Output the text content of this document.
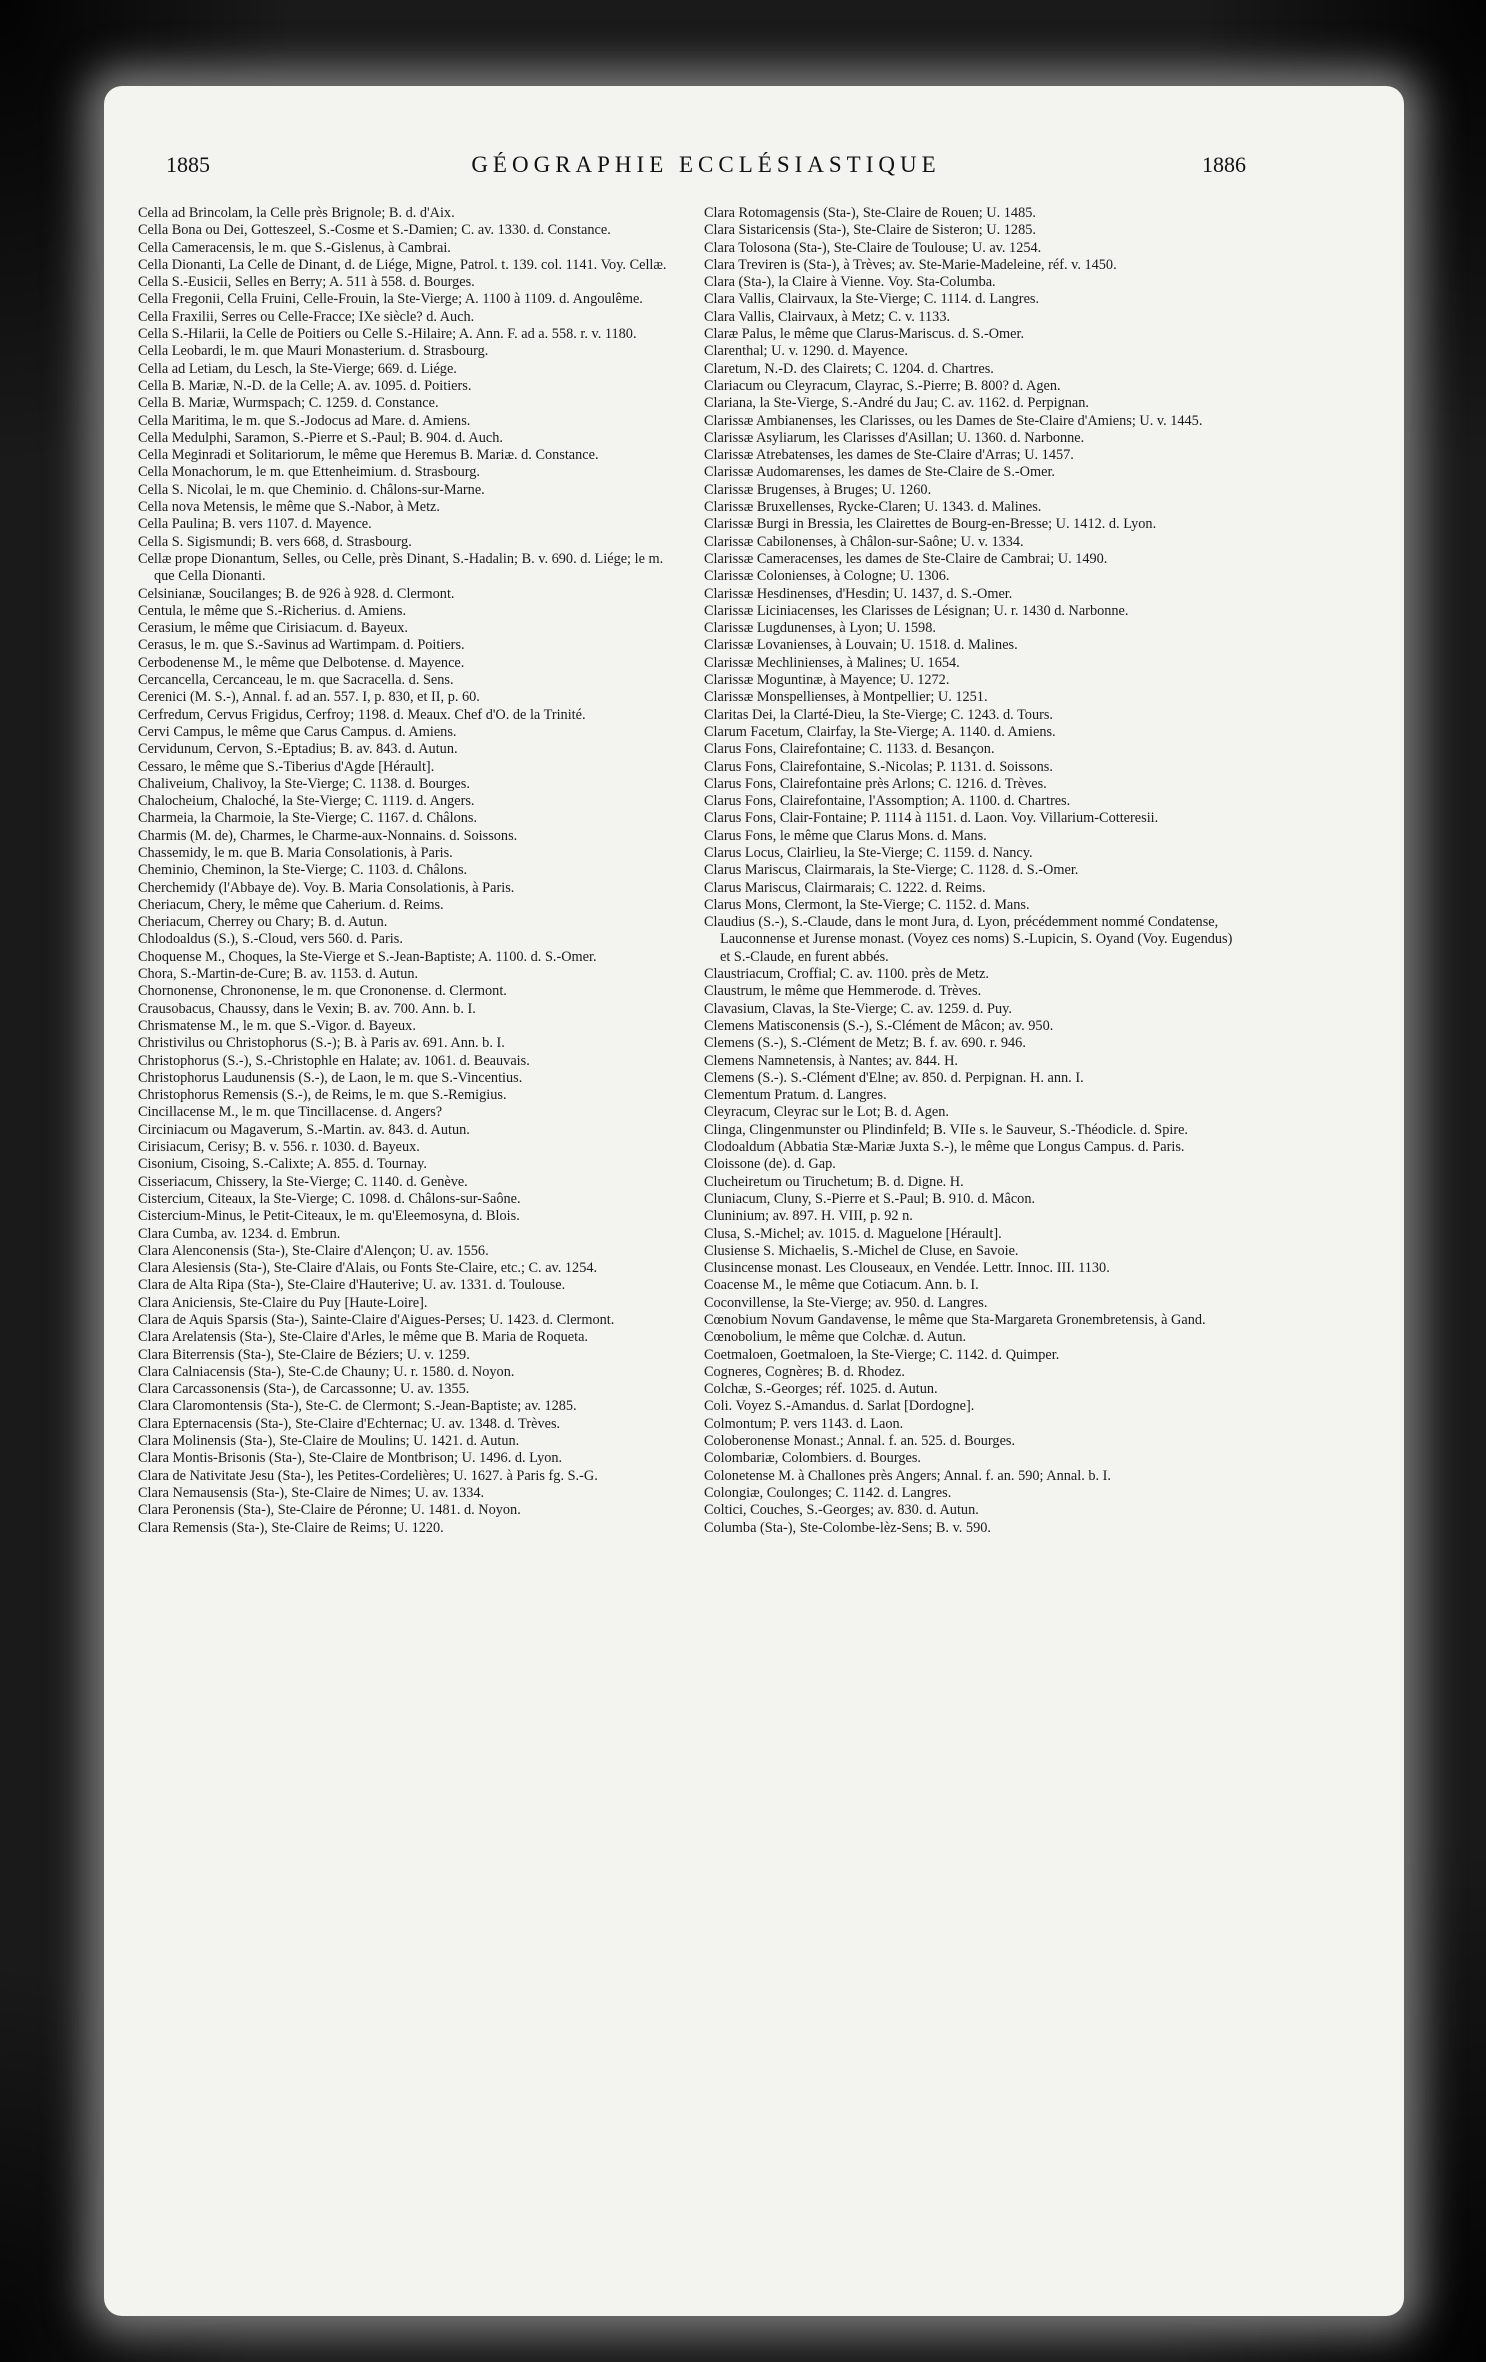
1885	GÉOGRAPHIE ECCLÉSIASTIQUE	1886

Cella ad Brincolam, la Celle près Brignole; B. d. d'Aix.

Cella Bona ou Dei, Gotteszeel, S.-Cosme et S.-Damien; C. av. 1330. d. Constance.

Cella Cameracensis, le m. que S.-Gislenus, à Cambrai.

Cella Dionanti, La Celle de Dinant, d. de Liége, Migne, Patrol. t. 139. col. 1141. Voy. Cellæ.

Cella S.-Eusicii, Selles en Berry; A. 511 à 558. d. Bourges.

Cella Fregonii, Cella Fruini, Celle-Frouin, la Ste-Vierge; A. 1100 à 1109. d. Angoulême.

Cella Fraxilii, Serres ou Celle-Fracce; IXe siècle? d. Auch.

Cella S.-Hilarii, la Celle de Poitiers ou Celle S.-Hilaire; A. Ann. F. ad a. 558. r. v. 1180.

Cella Leobardi, le m. que Mauri Monasterium. d. Strasbourg.

Cella ad Letiam, du Lesch, la Ste-Vierge; 669. d. Liége.

Cella B. Mariæ, N.-D. de la Celle; A. av. 1095. d. Poitiers.

Cella B. Mariæ, Wurmspach; C. 1259. d. Constance.

Cella Maritima, le m. que S.-Jodocus ad Mare. d. Amiens.

Cella Medulphi, Saramon, S.-Pierre et S.-Paul; B. 904. d. Auch.

Cella Meginradi et Solitariorum, le même que Heremus B. Mariæ. d. Constance.

Cella Monachorum, le m. que Ettenheimium. d. Strasbourg.

Cella S. Nicolai, le m. que Cheminio. d. Châlons-sur-Marne.

Cella nova Metensis, le même que S.-Nabor, à Metz.

Cella Paulina; B. vers 1107. d. Mayence.

Cella S. Sigismundi; B. vers 668, d. Strasbourg.

Cellæ prope Dionantum, Selles, ou Celle, près Dinant, S.-Hadalin; B. v. 690. d. Liége; le m. que Cella Dionanti.

Celsinianæ, Soucilanges; B. de 926 à 928. d. Clermont.

Centula, le même que S.-Richerius. d. Amiens.

Cerasium, le même que Cirisiacum. d. Bayeux.

Cerasus, le m. que S.-Savinus ad Wartimpam. d. Poitiers.

Cerbodenense M., le même que Delbotense. d. Mayence.

Cercancella, Cercanceau, le m. que Sacracella. d. Sens.

Cerenici (M. S.-), Annal. f. ad an. 557. I, p. 830, et II, p. 60.

Cerfredum, Cervus Frigidus, Cerfroy; 1198. d. Meaux. Chef d'O. de la Trinité.

Cervi Campus, le même que Carus Campus. d. Amiens.

Cervidunum, Cervon, S.-Eptadius; B. av. 843. d. Autun.

Cessaro, le même que S.-Tiberius d'Agde [Hérault].

Chaliveium, Chalivoy, la Ste-Vierge; C. 1138. d. Bourges.

Chalocheium, Chaloché, la Ste-Vierge; C. 1119. d. Angers.

Charmeia, la Charmoie, la Ste-Vierge; C. 1167. d. Châlons.

Charmis (M. de), Charmes, le Charme-aux-Nonnains. d. Soissons.

Chassemidy, le m. que B. Maria Consolationis, à Paris.

Cheminio, Cheminon, la Ste-Vierge; C. 1103. d. Châlons.

Cherchemidy (l'Abbaye de). Voy. B. Maria Consolationis, à Paris.

Cheriacum, Chery, le même que Caherium. d. Reims.

Cheriacum, Cherrey ou Chary; B. d. Autun.

Chlodoaldus (S.), S.-Cloud, vers 560. d. Paris.

Choquense M., Choques, la Ste-Vierge et S.-Jean-Baptiste; A. 1100. d. S.-Omer.

Chora, S.-Martin-de-Cure; B. av. 1153. d. Autun.

Chornonense, Chrononense, le m. que Crononense. d. Clermont.

Crausobacus, Chaussy, dans le Vexin; B. av. 700. Ann. b. I.

Chrismatense M., le m. que S.-Vigor. d. Bayeux.

Christivilus ou Christophorus (S.-); B. à Paris av. 691. Ann. b. I.

Christophorus (S.-), S.-Christophle en Halate; av. 1061. d. Beauvais.

Christophorus Laudunensis (S.-), de Laon, le m. que S.-Vincentius.

Christophorus Remensis (S.-), de Reims, le m. que S.-Remigius.

Cincillacense M., le m. que Tincillacense. d. Angers?

Circiniacum ou Magaverum, S.-Martin. av. 843. d. Autun.

Cirisiacum, Cerisy; B. v. 556. r. 1030. d. Bayeux.

Cisonium, Cisoing, S.-Calixte; A. 855. d. Tournay.

Cisseriacum, Chissery, la Ste-Vierge; C. 1140. d. Genève.

Cistercium, Citeaux, la Ste-Vierge; C. 1098. d. Châlons-sur-Saône.

Cistercium-Minus, le Petit-Citeaux, le m. qu'Eleemosyna, d. Blois.

Clara Cumba, av. 1234. d. Embrun.

Clara Alenconensis (Sta-), Ste-Claire d'Alençon; U. av. 1556.

Clara Alesiensis (Sta-), Ste-Claire d'Alais, ou Fonts Ste-Claire, etc.; C. av. 1254.

Clara de Alta Ripa (Sta-), Ste-Claire d'Hauterive; U. av. 1331. d. Toulouse.

Clara Aniciensis, Ste-Claire du Puy [Haute-Loire].

Clara de Aquis Sparsis (Sta-), Sainte-Claire d'Aigues-Perses; U. 1423. d. Clermont.

Clara Arelatensis (Sta-), Ste-Claire d'Arles, le même que B. Maria de Roqueta.

Clara Biterrensis (Sta-), Ste-Claire de Béziers; U. v. 1259.

Clara Calniacensis (Sta-), Ste-C.de Chauny; U. r. 1580. d. Noyon.

Clara Carcassonensis (Sta-), de Carcassonne; U. av. 1355.

Clara Claromontensis (Sta-), Ste-C. de Clermont; S.-Jean-Baptiste; av. 1285.

Clara Epternacensis (Sta-), Ste-Claire d'Echternac; U. av. 1348. d. Trèves.

Clara Molinensis (Sta-), Ste-Claire de Moulins; U. 1421. d. Autun.

Clara Montis-Brisonis (Sta-), Ste-Claire de Montbrison; U. 1496. d. Lyon.

Clara de Nativitate Jesu (Sta-), les Petites-Cordelières; U. 1627. à Paris fg. S.-G.

Clara Nemausensis (Sta-), Ste-Claire de Nimes; U. av. 1334.

Clara Peronensis (Sta-), Ste-Claire de Péronne; U. 1481. d. Noyon.

Clara Remensis (Sta-), Ste-Claire de Reims; U. 1220.

Clara Rotomagensis (Sta-), Ste-Claire de Rouen; U. 1485.

Clara Sistaricensis (Sta-), Ste-Claire de Sisteron; U. 1285.

Clara Tolosona (Sta-), Ste-Claire de Toulouse; U. av. 1254.

Clara Treviren is (Sta-), à Trèves; av. Ste-Marie-Madeleine, réf. v. 1450.

Clara (Sta-), la Claire à Vienne. Voy. Sta-Columba.

Clara Vallis, Clairvaux, la Ste-Vierge; C. 1114. d. Langres.

Clara Vallis, Clairvaux, à Metz; C. v. 1133.

Claræ Palus, le même que Clarus-Mariscus. d. S.-Omer.

Clarenthal; U. v. 1290. d. Mayence.

Claretum, N.-D. des Clairets; C. 1204. d. Chartres.

Clariacum ou Cleyracum, Clayrac, S.-Pierre; B. 800? d. Agen.

Clariana, la Ste-Vierge, S.-André du Jau; C. av. 1162. d. Perpignan.

Clarissæ Ambianenses, les Clarisses, ou les Dames de Ste-Claire d'Amiens; U. v. 1445.

Clarissæ Asyliarum, les Clarisses d'Asillan; U. 1360. d. Narbonne.

Clarissæ Atrebatenses, les dames de Ste-Claire d'Arras; U. 1457.

Clarissæ Audomarenses, les dames de Ste-Claire de S.-Omer.

Clarissæ Brugenses, à Bruges; U. 1260.

Clarissæ Bruxellenses, Rycke-Claren; U. 1343. d. Malines.

Clarissæ Burgi in Bressia, les Clairettes de Bourg-en-Bresse; U. 1412. d. Lyon.

Clarissæ Cabilonenses, à Châlon-sur-Saône; U. v. 1334.

Clarissæ Cameracenses, les dames de Ste-Claire de Cambrai; U. 1490.

Clarissæ Colonienses, à Cologne; U. 1306.

Clarissæ Hesdinenses, d'Hesdin; U. 1437, d. S.-Omer.

Clarissæ Liciniacenses, les Clarisses de Lésignan; U. r. 1430 d. Narbonne.

Clarissæ Lugdunenses, à Lyon; U. 1598.

Clarissæ Lovanienses, à Louvain; U. 1518. d. Malines.

Clarissæ Mechlinienses, à Malines; U. 1654.

Clarissæ Moguntinæ, à Mayence; U. 1272.

Clarissæ Monspellienses, à Montpellier; U. 1251.

Claritas Dei, la Clarté-Dieu, la Ste-Vierge; C. 1243. d. Tours.

Clarum Facetum, Clairfay, la Ste-Vierge; A. 1140. d. Amiens.

Clarus Fons, Clairefontaine; C. 1133. d. Besançon.

Clarus Fons, Clairefontaine, S.-Nicolas; P. 1131. d. Soissons.

Clarus Fons, Clairefontaine près Arlons; C. 1216. d. Trèves.

Clarus Fons, Clairefontaine, l'Assomption; A. 1100. d. Chartres.

Clarus Fons, Clair-Fontaine; P. 1114 à 1151. d. Laon. Voy. Villarium-Cotteresii.

Clarus Fons, le même que Clarus Mons. d. Mans.

Clarus Locus, Clairlieu, la Ste-Vierge; C. 1159. d. Nancy.

Clarus Mariscus, Clairmarais, la Ste-Vierge; C. 1128. d. S.-Omer.

Clarus Mariscus, Clairmarais; C. 1222. d. Reims.

Clarus Mons, Clermont, la Ste-Vierge; C. 1152. d. Mans.

Claudius (S.-), S.-Claude, dans le mont Jura, d. Lyon, précédemment nommé Condatense, Lauconnense et Jurense monast. (Voyez ces noms) S.-Lupicin, S. Oyand (Voy. Eugendus) et S.-Claude, en furent abbés.

Claustriacum, Croffial; C. av. 1100. près de Metz.

Claustrum, le même que Hemmerode. d. Trèves.

Clavasium, Clavas, la Ste-Vierge; C. av. 1259. d. Puy.

Clemens Matisconensis (S.-), S.-Clément de Mâcon; av. 950.

Clemens (S.-), S.-Clément de Metz; B. f. av. 690. r. 946.

Clemens Namnetensis, à Nantes; av. 844. H.

Clemens (S.-). S.-Clément d'Elne; av. 850. d. Perpignan. H. ann. I.

Clementum Pratum. d. Langres.

Cleyracum, Cleyrac sur le Lot; B. d. Agen.

Clinga, Clingenmunster ou Plindinfeld; B. VIIe s. le Sauveur, S.-Théodicle. d. Spire.

Clodoaldum (Abbatia Stæ-Mariæ Juxta S.-), le même que Longus Campus. d. Paris.

Cloissone (de). d. Gap.

Clucheiretum ou Tiruchetum; B. d. Digne. H.

Cluniacum, Cluny, S.-Pierre et S.-Paul; B. 910. d. Mâcon.

Cluninium; av. 897. H. VIII, p. 92 n.

Clusa, S.-Michel; av. 1015. d. Maguelone [Hérault].

Clusiense S. Michaelis, S.-Michel de Cluse, en Savoie.

Clusincense monast. Les Clouseaux, en Vendée. Lettr. Innoc. III. 1130.

Coacense M., le même que Cotiacum. Ann. b. I.

Coconvillense, la Ste-Vierge; av. 950. d. Langres.

Cœnobium Novum Gandavense, le même que Sta-Margareta Gronembretensis, à Gand.

Cœnobolium, le même que Colchæ. d. Autun.

Coetmaloen, Goetmaloen, la Ste-Vierge; C. 1142. d. Quimper.

Cogneres, Cognères; B. d. Rhodez.

Colchæ, S.-Georges; réf. 1025. d. Autun.

Coli. Voyez S.-Amandus. d. Sarlat [Dordogne].

Colmontum; P. vers 1143. d. Laon.

Coloberonense Monast.; Annal. f. an. 525. d. Bourges.

Colombariæ, Colombiers. d. Bourges.

Colonetense M. à Challones près Angers; Annal. f. an. 590; Annal. b. I.

Colongiæ, Coulonges; C. 1142. d. Langres.

Coltici, Couches, S.-Georges; av. 830. d. Autun.

Columba (Sta-), Ste-Colombe-lèz-Sens; B. v. 590.
